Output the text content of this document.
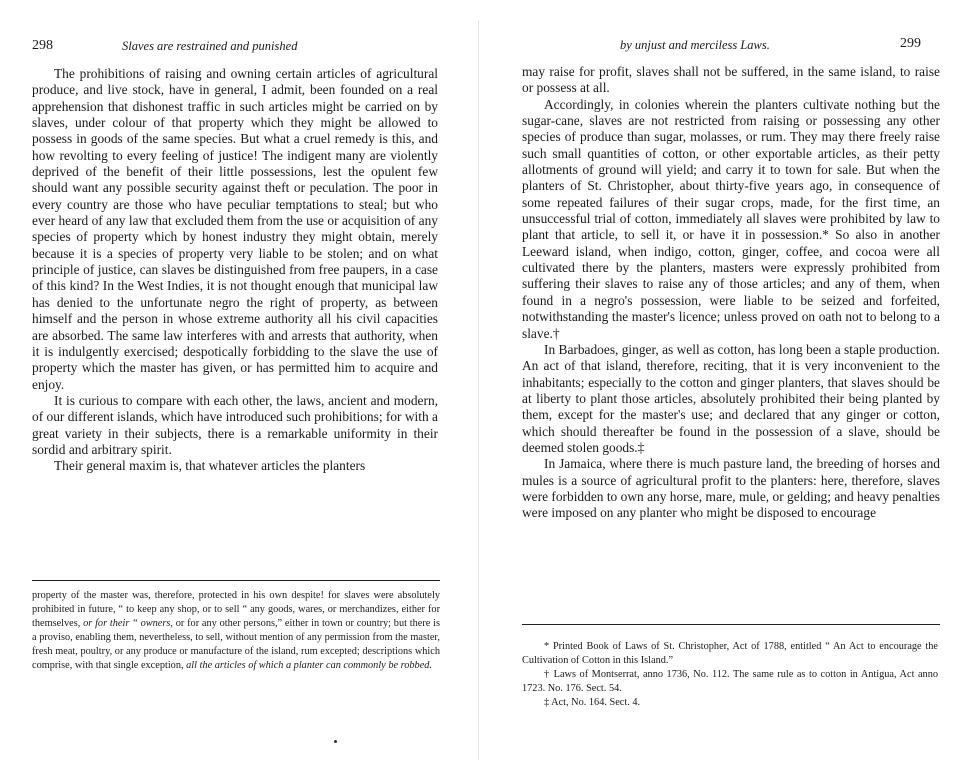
298	Slaves are restrained and punished

The prohibitions of raising and owning certain articles of agricultural produce, and live stock, have in general, I admit, been founded on a real apprehension that dishonest traffic in such articles might be carried on by slaves, under colour of that property which they might be allowed to possess in goods of the same species. But what a cruel remedy is this, and how revolting to every feeling of justice! The indigent many are violently deprived of the benefit of their little possessions, lest the opulent few should want any possible security against theft or peculation. The poor in every country are those who have peculiar temptations to steal; but who ever heard of any law that excluded them from the use or acquisition of any species of property which by honest industry they might obtain, merely because it is a species of property very liable to be stolen; and on what principle of justice, can slaves be distinguished from free paupers, in a case of this kind? In the West Indies, it is not thought enough that municipal law has denied to the unfortunate negro the right of property, as between himself and the person in whose extreme authority all his civil capacities are absorbed. The same law interferes with and arrests that authority, when it is indulgently exercised; despotically forbidding to the slave the use of property which the master has given, or has permitted him to acquire and enjoy.

It is curious to compare with each other, the laws, ancient and modern, of our different islands, which have introduced such prohibitions; for with a great variety in their subjects, there is a remarkable uniformity in their sordid and arbitrary spirit.

Their general maxim is, that whatever articles the planters

property of the master was, therefore, protected in his own despite! for slaves were absolutely prohibited in future, “ to keep any shop, or to sell “ any goods, wares, or merchandizes, either for themselves, or for their “ owners, or for any other persons,” either in town or country; but there is a proviso, enabling them, nevertheless, to sell, without mention of any permission from the master, fresh meat, poultry, or any produce or manufacture of the island, rum excepted; descriptions which comprise, with that single exception, all the articles of which a planter can commonly be robbed.

by unjust and merciless Laws.	299

may raise for profit, slaves shall not be suffered, in the same island, to raise or possess at all.

Accordingly, in colonies wherein the planters cultivate nothing but the sugar-cane, slaves are not restricted from raising or possessing any other species of produce than sugar, molasses, or rum. They may there freely raise such small quantities of cotton, or other exportable articles, as their petty allotments of ground will yield; and carry it to town for sale. But when the planters of St. Christopher, about thirty-five years ago, in consequence of some repeated failures of their sugar crops, made, for the first time, an unsuccessful trial of cotton, immediately all slaves were prohibited by law to plant that article, to sell it, or have it in possession.* So also in another Leeward island, when indigo, cotton, ginger, coffee, and cocoa were all cultivated there by the planters, masters were expressly prohibited from suffering their slaves to raise any of those articles; and any of them, when found in a negro's possession, were liable to be seized and forfeited, notwithstanding the master's licence; unless proved on oath not to belong to a slave.†

In Barbadoes, ginger, as well as cotton, has long been a staple production. An act of that island, therefore, reciting, that it is very inconvenient to the inhabitants; especially to the cotton and ginger planters, that slaves should be at liberty to plant those articles, absolutely prohibited their being planted by them, except for the master's use; and declared that any ginger or cotton, which should thereafter be found in the possession of a slave, should be deemed stolen goods.‡

In Jamaica, where there is much pasture land, the breeding of horses and mules is a source of agricultural profit to the planters: here, therefore, slaves were forbidden to own any horse, mare, mule, or gelding; and heavy penalties were imposed on any planter who might be disposed to encourage

* Printed Book of Laws of St. Christopher, Act of 1788, entitled “ An Act to encourage the Cultivation of Cotton in this Island.”

† Laws of Montserrat, anno 1736, No. 112. The same rule as to cotton in Antigua, Act anno 1723. No. 176. Sect. 54.

‡ Act, No. 164. Sect. 4.
